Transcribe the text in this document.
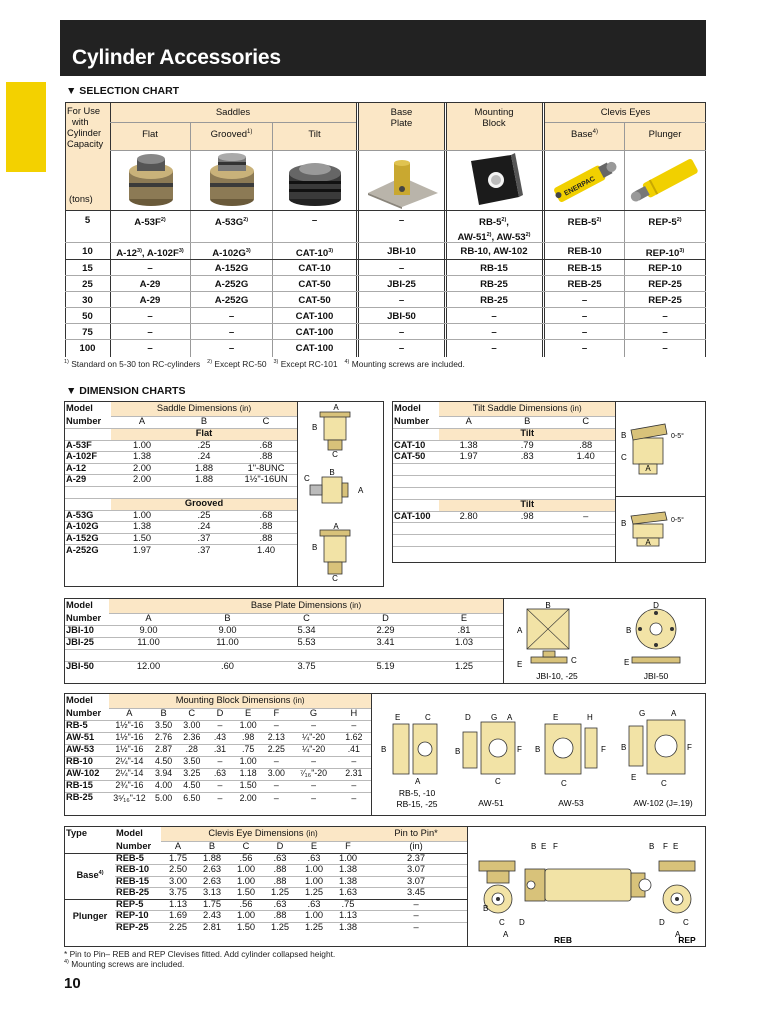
Cylinder Accessories
▼ SELECTION CHART
For Use
with
Cylinder
Capacity
(tons)
Saddles
Flat	Grooved$^{1)}$	Tilt
Base
Plate
Mounting
Block
Clevis Eyes
Base$^{4)}$	Plunger
ENERPAC
5	$A-53F^{2)}$	$A-53G^{2)}$	–	–	RB-5$^{2)}$,
AW-51$^{2)}$, AW-53$^{2)}$
REB-5$^{2)}$	REP-5$^{2)}$
10	A-12$^{3)}$, $A-102F^{3)}$	$A-102G^{3)}$	CAT-10$^{3)}$	JBI-10	RB-10, AW-102	REB-10	REP-10$^{3)}$
15	–	A-152G	CAT-10	–	RB-15	REB-15	REP-10
25	A-29	A-252G	CAT-50	JBI-25	RB-25	REB-25	REP-25
30	A-29	A-252G	CAT-50	–	RB-25	–	REP-25
50	–	–	CAT-100	JBI-50	–	–	–
75	–	–	CAT-100	–	–	–	–
100	–	–	CAT-100	–	–	–	–
$^{1)}$ Standard on 5-30 ton RC-cylinders $^{2)}$ Except RC-50 $^{3)}$ Except RC-101 $^{4)}$ Mounting screws are included.
▼ DIMENSION CHARTS
Model	Saddle Dimensions (in)		
Number	A	B	C
	Flat		
A-53F	1.00	.25	.68
A-102F	1.38	.24	.88
A-12	2.00	1.88	1"-8UNC
A-29	2.00	1.88	1½"-16UN

	Grooved		
A-53G	1.00	.25	.68
A-102G	1.38	.24	.88
A-152G	1.50	.37	.88
A-252G	1.97	.37	1.40
A
B
C
C
B
A
A
B
C
Model	Tilt Saddle Dimensions (in)		
Number	A	B	C
	Tilt		
CAT-10	1.38	.79	.88
CAT-50	1.97	.83	1.40

	Tilt		
CAT-100	2.80	.98	–

B
C
A
0-5°
B
A
0-5°
Model	Base Plate Dimensions (in)				
Number	A	B	C	D	E
JBI-10	9.00	9.00	5.34	2.29	.81
JBI-25	11.00	11.00	5.53	3.41	1.03

JBI-50	12.00	.60	3.75	5.19	1.25
B
A
E	C
JBI-10, -25
D
B
E
JBI-50
Model	Mounting Block Dimensions (in)							
Number	A	B	C	D	E	F	G	H
RB-5	1½"-16	3.50	3.00	–	1.00	–	–	–
AW-51	1½"-16	2.76	2.36	.43	.98	2.13	¼"-20	1.62
AW-53	1½"-16	2.87	.28	.31	.75	2.25	¼"-20	.41
RB-10	2¼"-14	4.50	3.50	–	1.00	–	–	–
AW-102	2¼"-14	3.94	3.25	.63	1.18	3.00	⁷⁄₁₆"-20	2.31
RB-15	2¾"-16	4.00	4.50	–	1.50	–	–	–
RB-25	3⁵⁄₁₆"-12	5.00	6.50	–	2.00	–	–	–
E	C
B
A
RB-5, -10
RB-15, -25
D	G A
B	F
C
AW-51
E	H
B	F
C
AW-53
G	A
B	F
E
C
AW-102 (J=.19)
Type	Model	Clevis Eye Dimensions (in)						Pin to Pin*
	Number	A	B	C	D	E	F	(in)
Base$^{4)}$	REB-5	1.75	1.88	.56	.63	.63	1.00	2.37
	REB-10	2.50	2.63	1.00	.88	1.00	1.38	3.07
	REB-15	3.00	2.63	1.00	.88	1.00	1.38	3.07
	REB-25	3.75	3.13	1.50	1.25	1.25	1.63	3.45
Plunger	REP-5	1.13	1.75	.56	.63	.63	.75	–
	REP-10	1.69	2.43	1.00	.88	1.00	1.13	–
	REP-25	2.25	2.81	1.50	1.25	1.25	1.38	–
B
B E F
C D
A
B F E
D C
A
REB	REP
* Pin to Pin– REB and REP Clevises fitted. Add cylinder collapsed height.
$^{4)}$ Mounting screws are included.
10
